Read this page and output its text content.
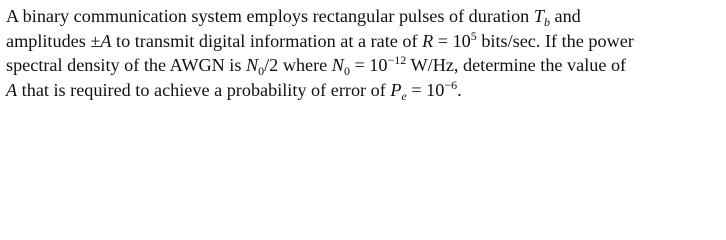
A binary communication system employs rectangular pulses of duration $T_b$ and
amplitudes ±A to transmit digital information at a rate of $R = 10^5$ bits/sec. If the power
spectral density of the AWGN is $N_0/2$ where $N_0 = 10^{-12}$ W/Hz, determine the value of
A that is required to achieve a probability of error of $P_e = 10^{-6}$.
